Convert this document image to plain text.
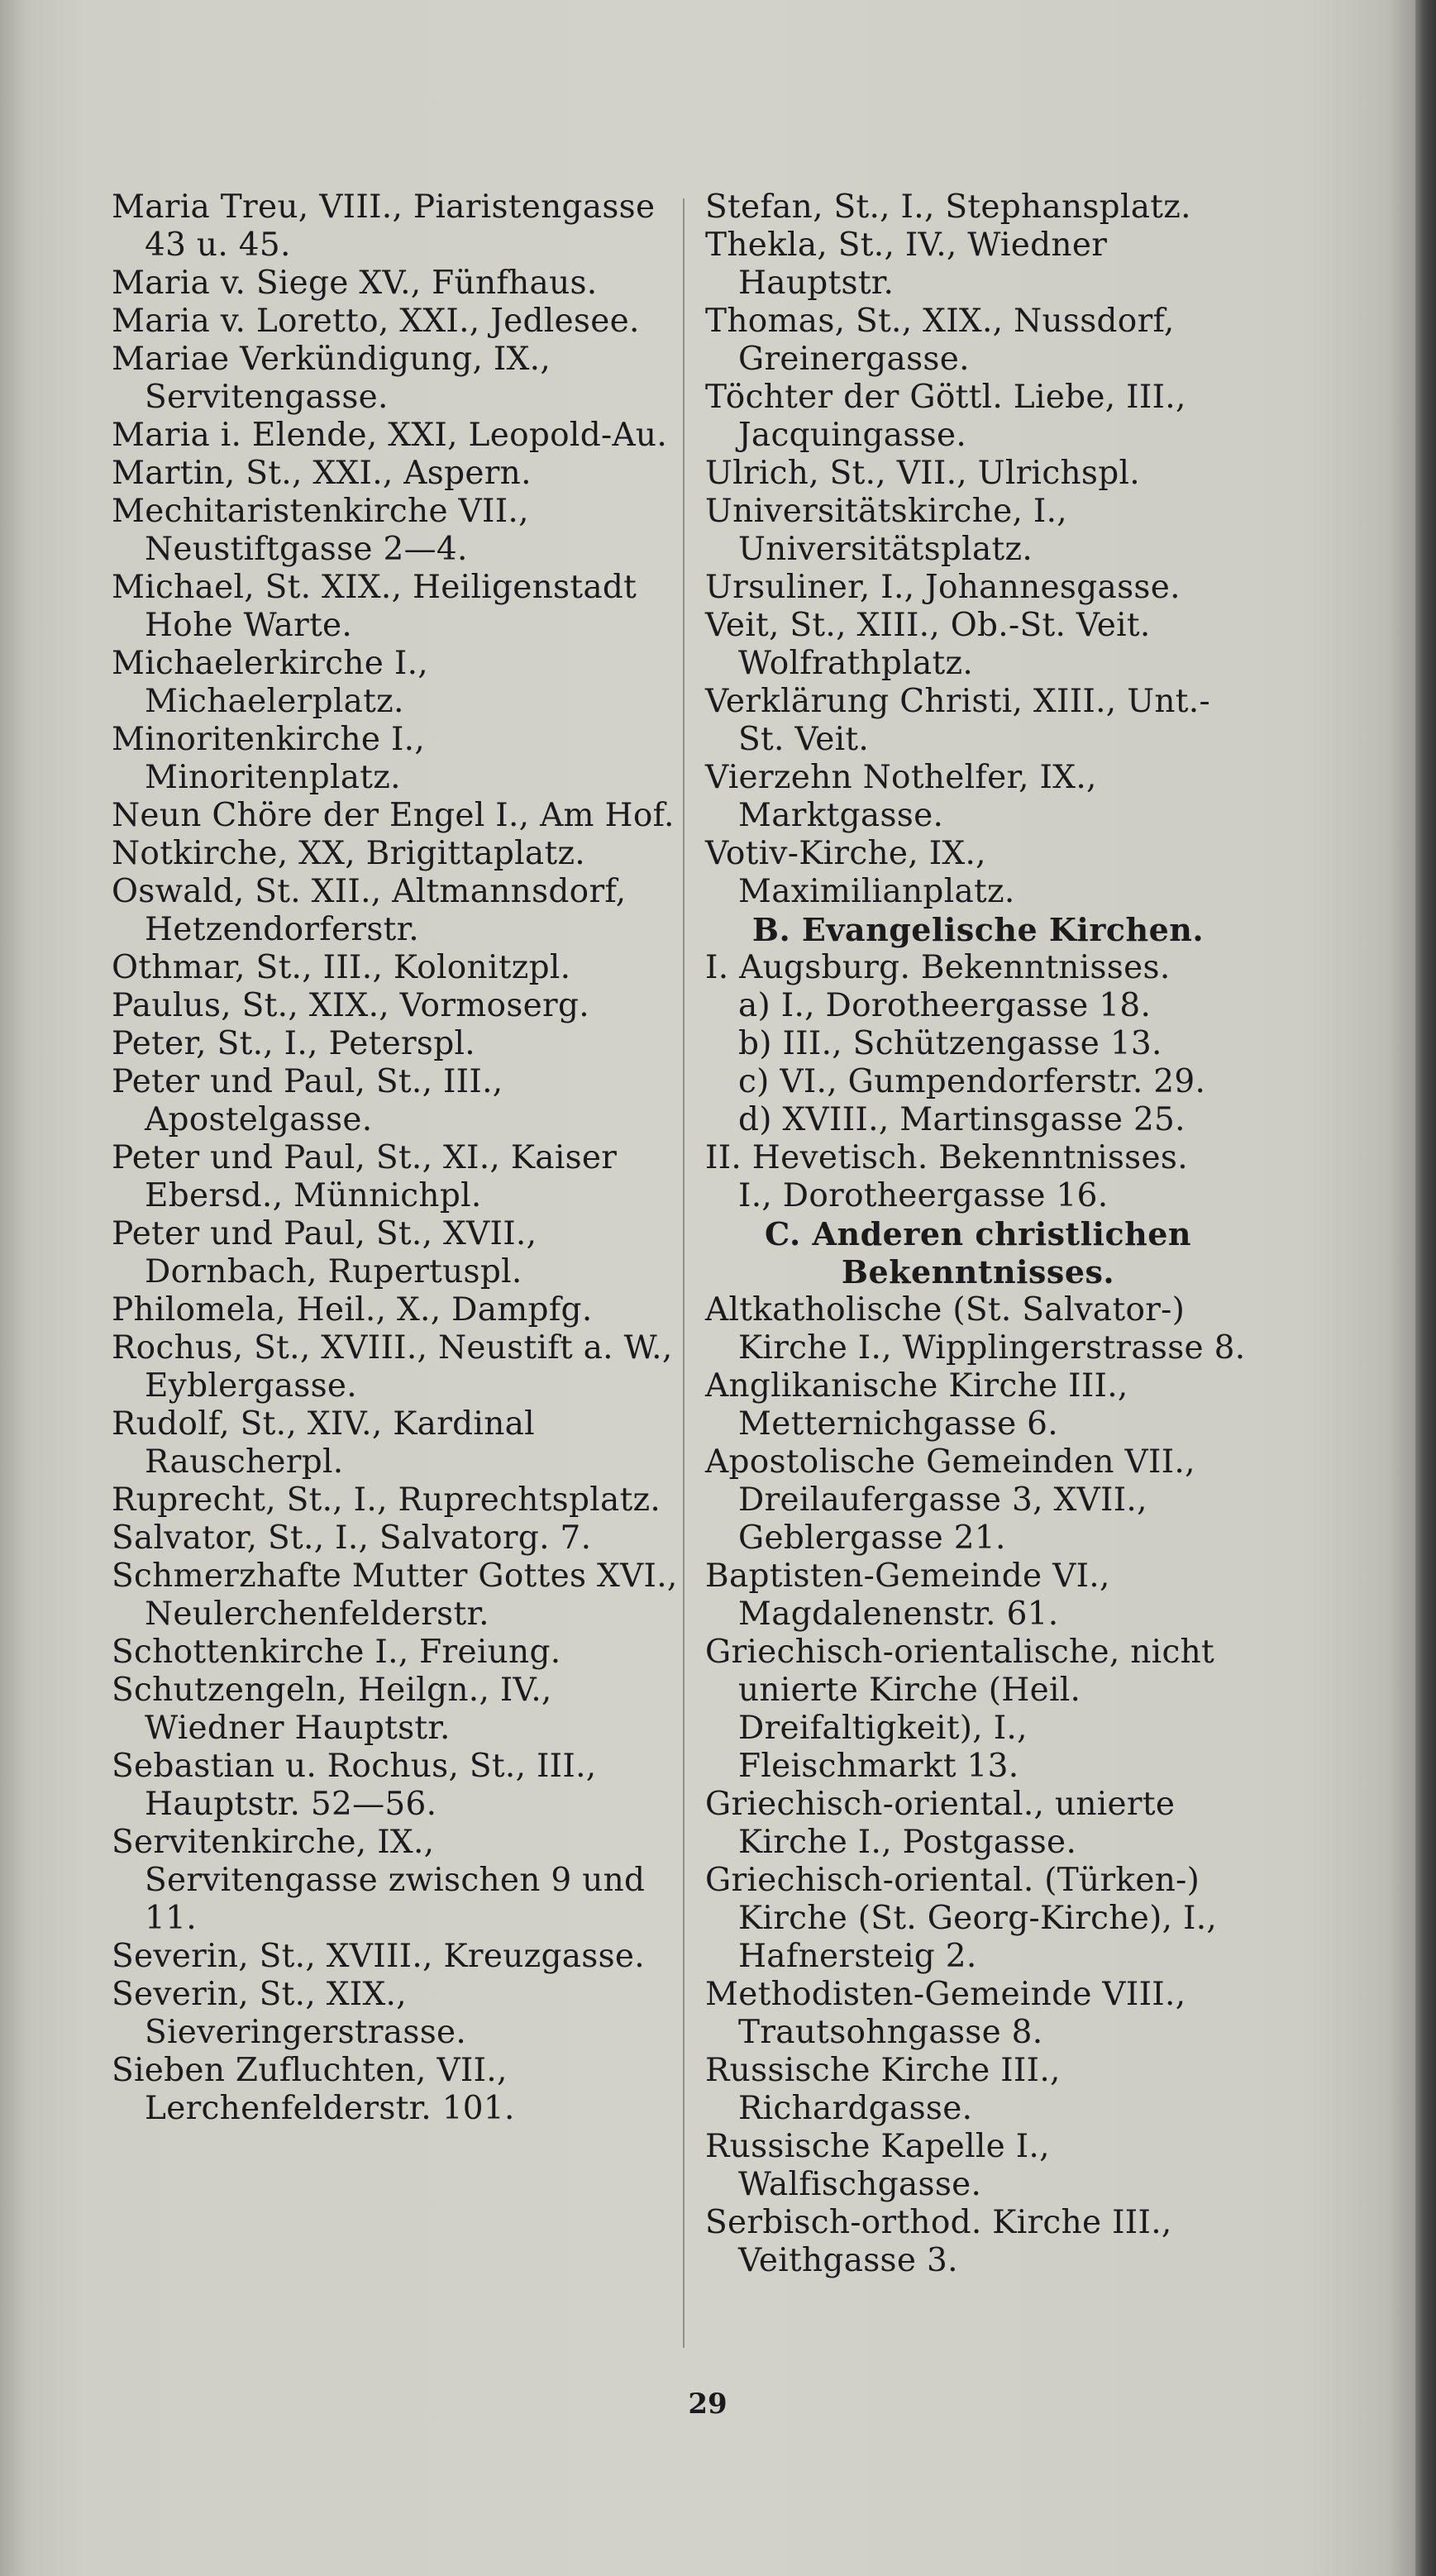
Maria Treu, VIII., Piaristengasse 43 u. 45.

Maria v. Siege XV., Fünfhaus.

Maria v. Loretto, XXI., Jedlesee.

Mariae Verkündigung, IX., Servitengasse.

Maria i. Elende, XXI, Leopold-Au.

Martin, St., XXI., Aspern.

Mechitaristenkirche VII., Neustiftgasse 2—4.

Michael, St. XIX., Heiligenstadt Hohe Warte.

Michaelerkirche I., Michaelerplatz.

Minoritenkirche I., Minoritenplatz.

Neun Chöre der Engel I., Am Hof.

Notkirche, XX, Brigittaplatz.

Oswald, St. XII., Altmannsdorf, Hetzendorferstr.

Othmar, St., III., Kolonitzpl.

Paulus, St., XIX., Vormoserg.

Peter, St., I., Peterspl.

Peter und Paul, St., III., Apostelgasse.

Peter und Paul, St., XI., Kaiser Ebersd., Münnichpl.

Peter und Paul, St., XVII., Dornbach, Rupertuspl.

Philomela, Heil., X., Dampfg.

Rochus, St., XVIII., Neustift a. W., Eyblergasse.

Rudolf, St., XIV., Kardinal Rauscherpl.

Ruprecht, St., I., Ruprechtsplatz.

Salvator, St., I., Salvatorg. 7.

Schmerzhafte Mutter Gottes XVI., Neulerchenfelderstr.

Schottenkirche I., Freiung.

Schutzengeln, Heilgn., IV., Wiedner Hauptstr.

Sebastian u. Rochus, St., III., Hauptstr. 52—56.

Servitenkirche, IX., Servitengasse zwischen 9 und 11.

Severin, St., XVIII., Kreuzgasse.

Severin, St., XIX., Sieveringerstrasse.

Sieben Zufluchten, VII., Lerchenfelderstr. 101.

Stefan, St., I., Stephansplatz.

Thekla, St., IV., Wiedner Hauptstr.

Thomas, St., XIX., Nussdorf, Greinergasse.

Töchter der Göttl. Liebe, III., Jacquingasse.

Ulrich, St., VII., Ulrichspl.

Universitätskirche, I., Universitätsplatz.

Ursuliner, I., Johannesgasse.

Veit, St., XIII., Ob.-St. Veit. Wolfrathplatz.

Verklärung Christi, XIII., Unt.-St. Veit.

Vierzehn Nothelfer, IX., Marktgasse.

Votiv-Kirche, IX., Maximilianplatz.

B. Evangelische Kirchen.

I. Augsburg. Bekenntnisses.

a) I., Dorotheergasse 18.

b) III., Schützengasse 13.

c) VI., Gumpendorferstr. 29.

d) XVIII., Martinsgasse 25.

II. Hevetisch. Bekenntnisses.

I., Dorotheergasse 16.

C. Anderen christlichen

Bekenntnisses.

Altkatholische (St. Salvator-) Kirche I., Wipplingerstrasse 8.

Anglikanische Kirche III., Metternichgasse 6.

Apostolische Gemeinden VII., Dreilaufergasse 3, XVII., Geblergasse 21.

Baptisten-Gemeinde VI., Magdalenenstr. 61.

Griechisch-orientalische, nicht unierte Kirche (Heil. Dreifaltigkeit), I., Fleischmarkt 13.

Griechisch-oriental., unierte Kirche I., Postgasse.

Griechisch-oriental. (Türken-) Kirche (St. Georg-Kirche), I., Hafnersteig 2.

Methodisten-Gemeinde VIII., Trautsohngasse 8.

Russische Kirche III., Richardgasse.

Russische Kapelle I., Walfischgasse.

Serbisch-orthod. Kirche III., Veithgasse 3.

29
